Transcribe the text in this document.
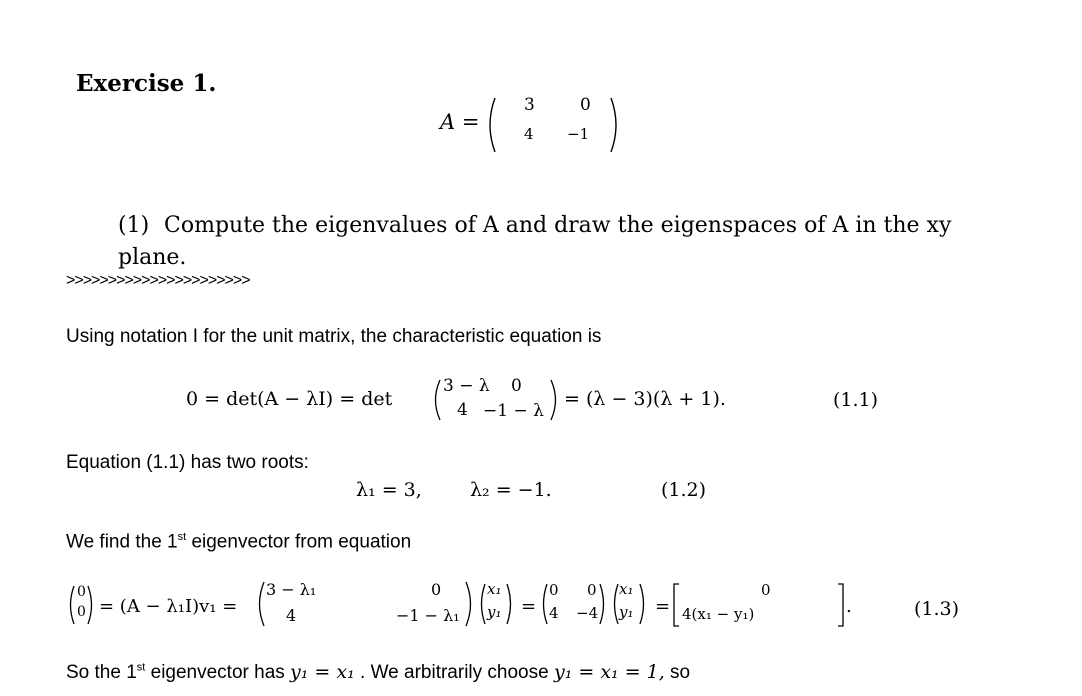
Exercise 1.
A =
3	0
4 −1
(1) Compute the eigenvalues of A and draw the eigenspaces of A in the xy plane.
>>>>>>>>>>>>>>>>>>>>>>
Using notation I for the unit matrix, the characteristic equation is
0 = det(A − λI) = det
3 − λ 0
4 −1 − λ
= (λ − 3)(λ + 1).	(1.1)
Equation (1.1) has two roots:
λ₁ = 3,	λ₂ = −1.	(1.2)
We find the 1st eigenvector from equation
0
0 = (A − λ₁I)v₁ =
3 − λ₁	0
4	−1 − λ₁
x₁
y₁ =
0 0
4 −4
x₁
y₁ =
0
4(x₁ − y₁)	.	(1.3)
So the 1st eigenvector has y₁ = x₁ . We arbitrarily choose y₁ = x₁ = 1, so
